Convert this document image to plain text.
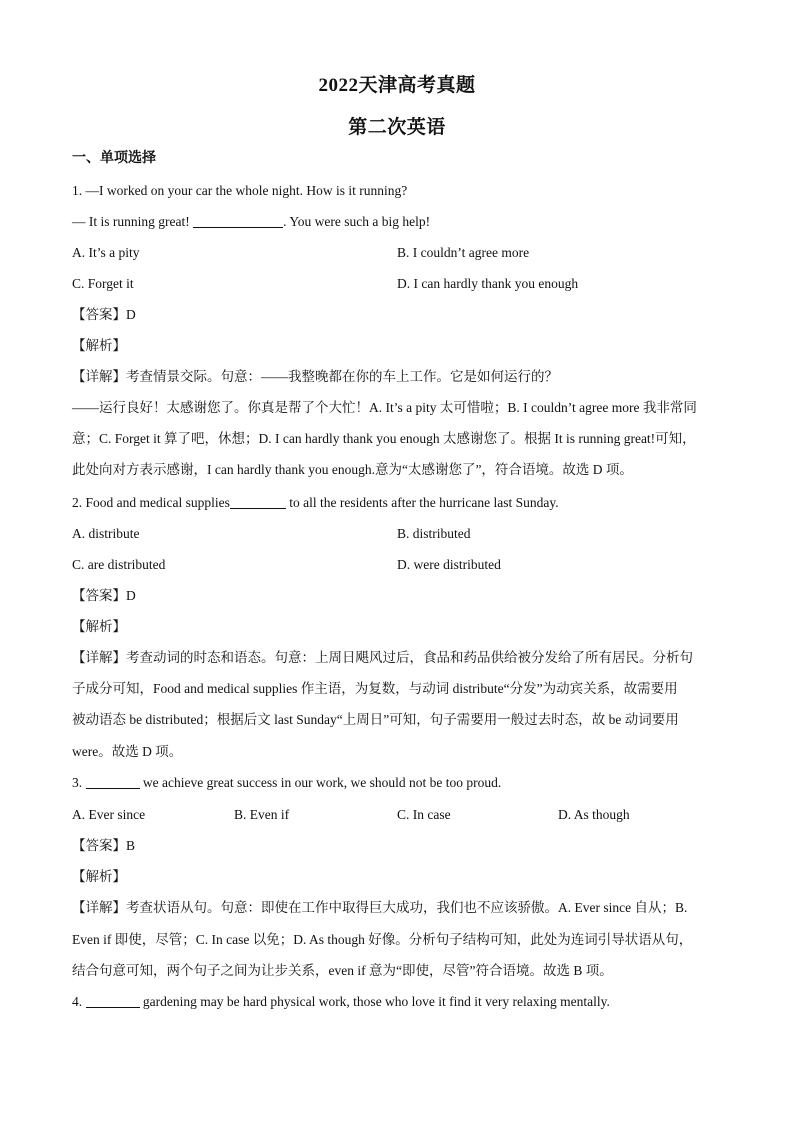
2022天津高考真题
第二次英语
一、单项选择
1. —I worked on your car the whole night. How is it running?
— It is running great!	. You were such a big help!
A. It’s a pity	B. I couldn’t agree more
C. Forget it	D. I can hardly thank you enough
【答案】D
【解析】
【详解】考查情景交际。句意：——我整晚都在你的车上工作。它是如何运行的？
——运行良好！太感谢您了。你真是帮了个大忙！A. It’s a pity 太可惜啦；B. I couldn’t agree more 我非常同
意；C. Forget it 算了吧，休想；D. I can hardly thank you enough 太感谢您了。根据 It is running great!可知，
此处向对方表示感谢，I can hardly thank you enough.意为“太感谢您了”，符合语境。故选 D 项。
2. Food and medical supplies	to all the residents after the hurricane last Sunday.
A. distribute	B. distributed
C. are distributed	D. were distributed
【答案】D
【解析】
【详解】考查动词的时态和语态。句意：上周日飓风过后，食品和药品供给被分发给了所有居民。分析句
子成分可知，Food and medical supplies 作主语，为复数，与动词 distribute“分发”为动宾关系，故需要用
被动语态 be distributed；根据后文 last Sunday“上周日”可知，句子需要用一般过去时态，故 be 动词要用
were。故选 D 项。
3.	we achieve great success in our work, we should not be too proud.
A. Ever since	B. Even if	C. In case	D. As though
【答案】B
【解析】
【详解】考查状语从句。句意：即使在工作中取得巨大成功，我们也不应该骄傲。A. Ever since 自从；B.
Even if 即使，尽管；C. In case 以免；D. As though 好像。分析句子结构可知，此处为连词引导状语从句，
结合句意可知，两个句子之间为让步关系，even if 意为“即使，尽管”符合语境。故选 B 项。
4.	gardening may be hard physical work, those who love it find it very relaxing mentally.
